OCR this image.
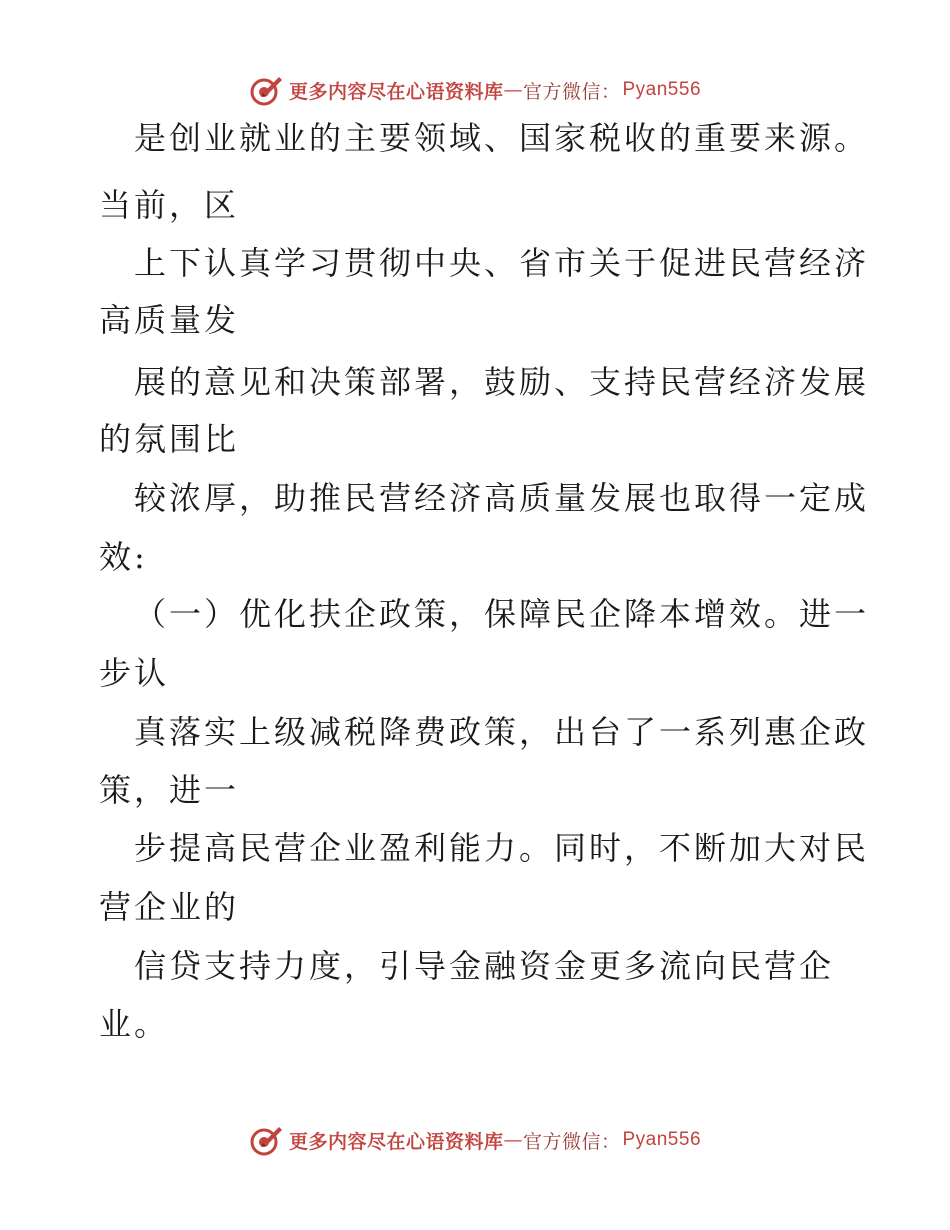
更多内容尽在心语资料库 — 官方微信： Pyan556
是创业就业的主要领域、国家税收的重要来源。
当前，区
上下认真学习贯彻中央、省市关于促进民营经济
高质量发
展的意见和决策部署，鼓励、支持民营经济发展
的氛围比
较浓厚，助推民营经济高质量发展也取得一定成
效:
（一）优化扶企政策，保障民企降本增效。进一
步认
真落实上级减税降费政策，出台了一系列惠企政
策，进一
步提高民营企业盈利能力。同时，不断加大对民
营企业的
信贷支持力度，引导金融资金更多流向民营企
业。
更多内容尽在心语资料库 — 官方微信： Pyan556
